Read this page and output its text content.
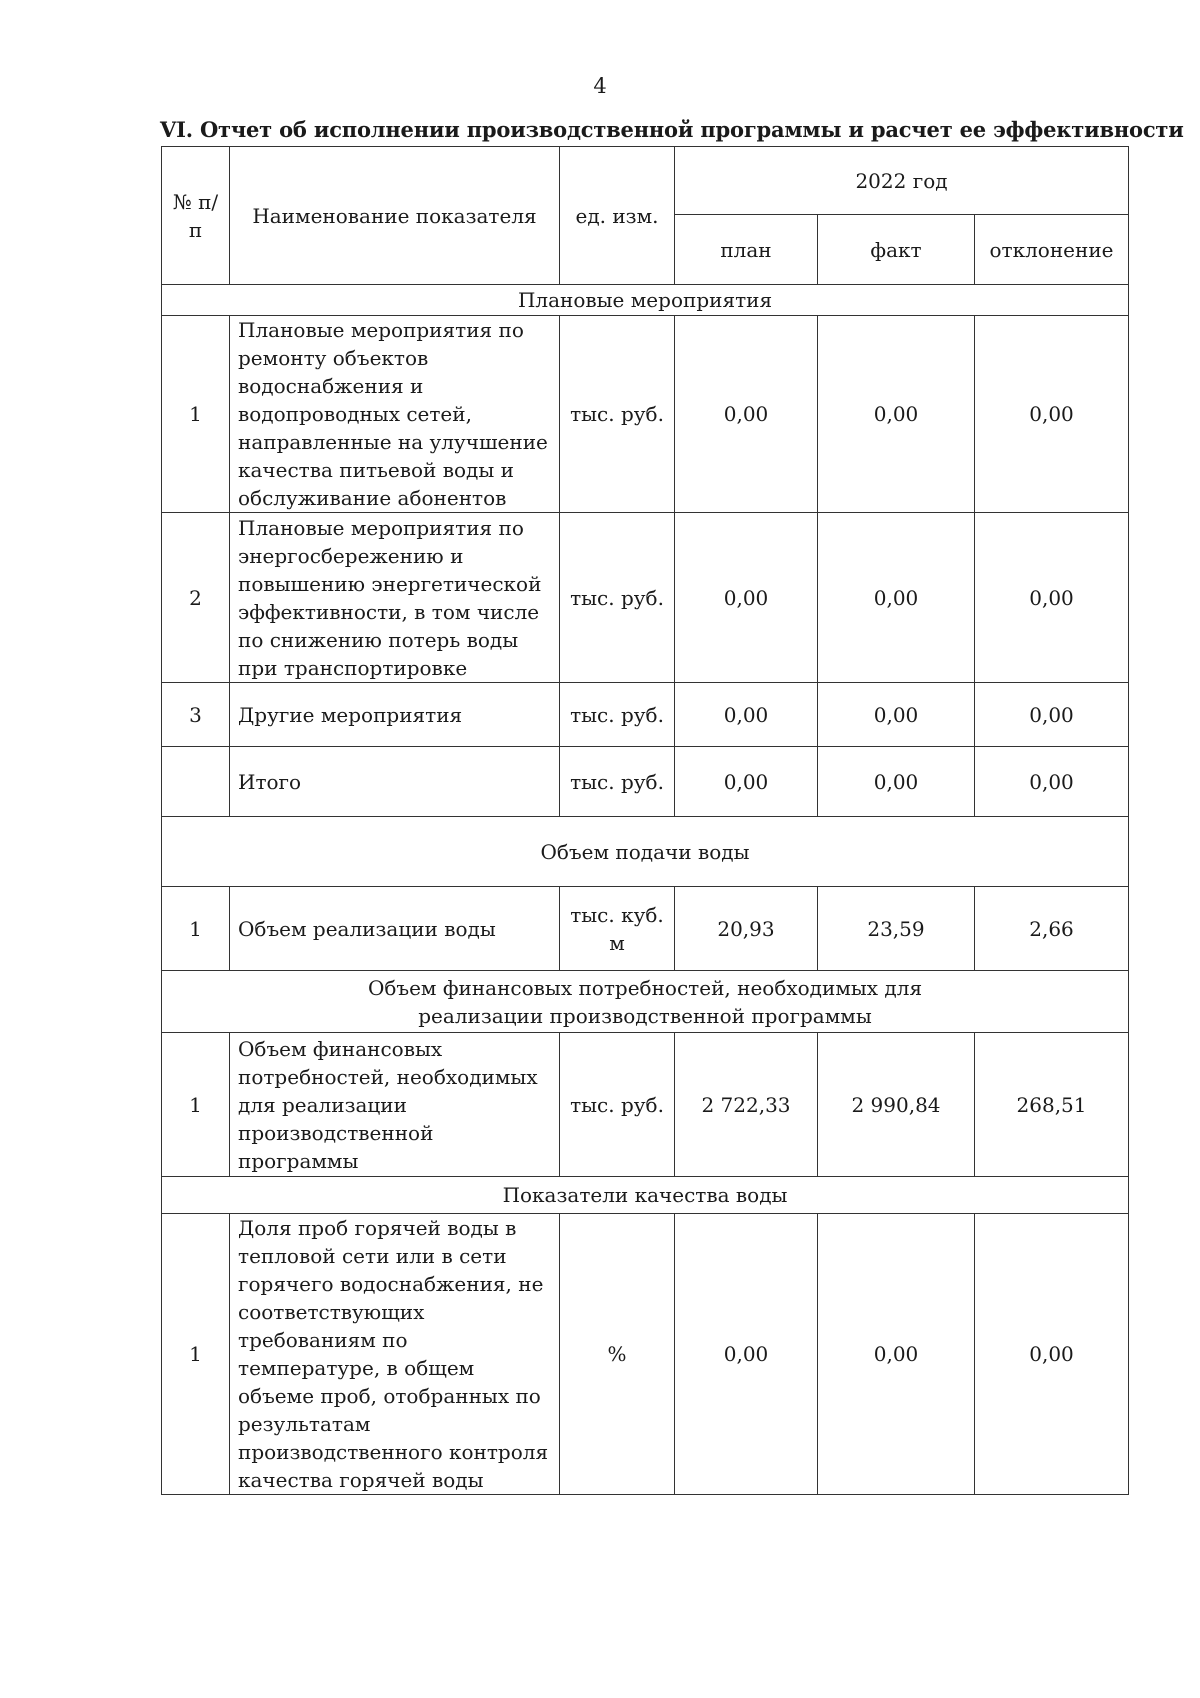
4
VI. Отчет об исполнении производственной программы и расчет ее эффективности
№ п/п	Наименование показателя	ед. изм.	2022 год		
			план	факт	отклонение
Плановые мероприятия					
1	Плановые мероприятия по ремонту объектов водоснабжения и водопроводных сетей, направленные на улучшение качества питьевой воды и обслуживание абонентов	тыс. руб.	0,00	0,00	0,00
2	Плановые мероприятия по энергосбережению и повышению энергетической эффективности, в том числе по снижению потерь воды при транспортировке	тыс. руб.	0,00	0,00	0,00
3	Другие мероприятия	тыс. руб.	0,00	0,00	0,00
	Итого	тыс. руб.	0,00	0,00	0,00
Объем подачи воды					
1	Объем реализации воды	тыс. куб. м	20,93	23,59	2,66
Объем финансовых потребностей, необходимых для реализации производственной программы					
1	Объем финансовых потребностей, необходимых для реализации производственной программы	тыс. руб.	2 722,33	2 990,84	268,51
Показатели качества воды					
1	Доля проб горячей воды в тепловой сети или в сети горячего водоснабжения, не соответствующих требованиям по температуре, в общем объеме проб, отобранных по результатам производственного контроля качества горячей воды	%	0,00	0,00	0,00
